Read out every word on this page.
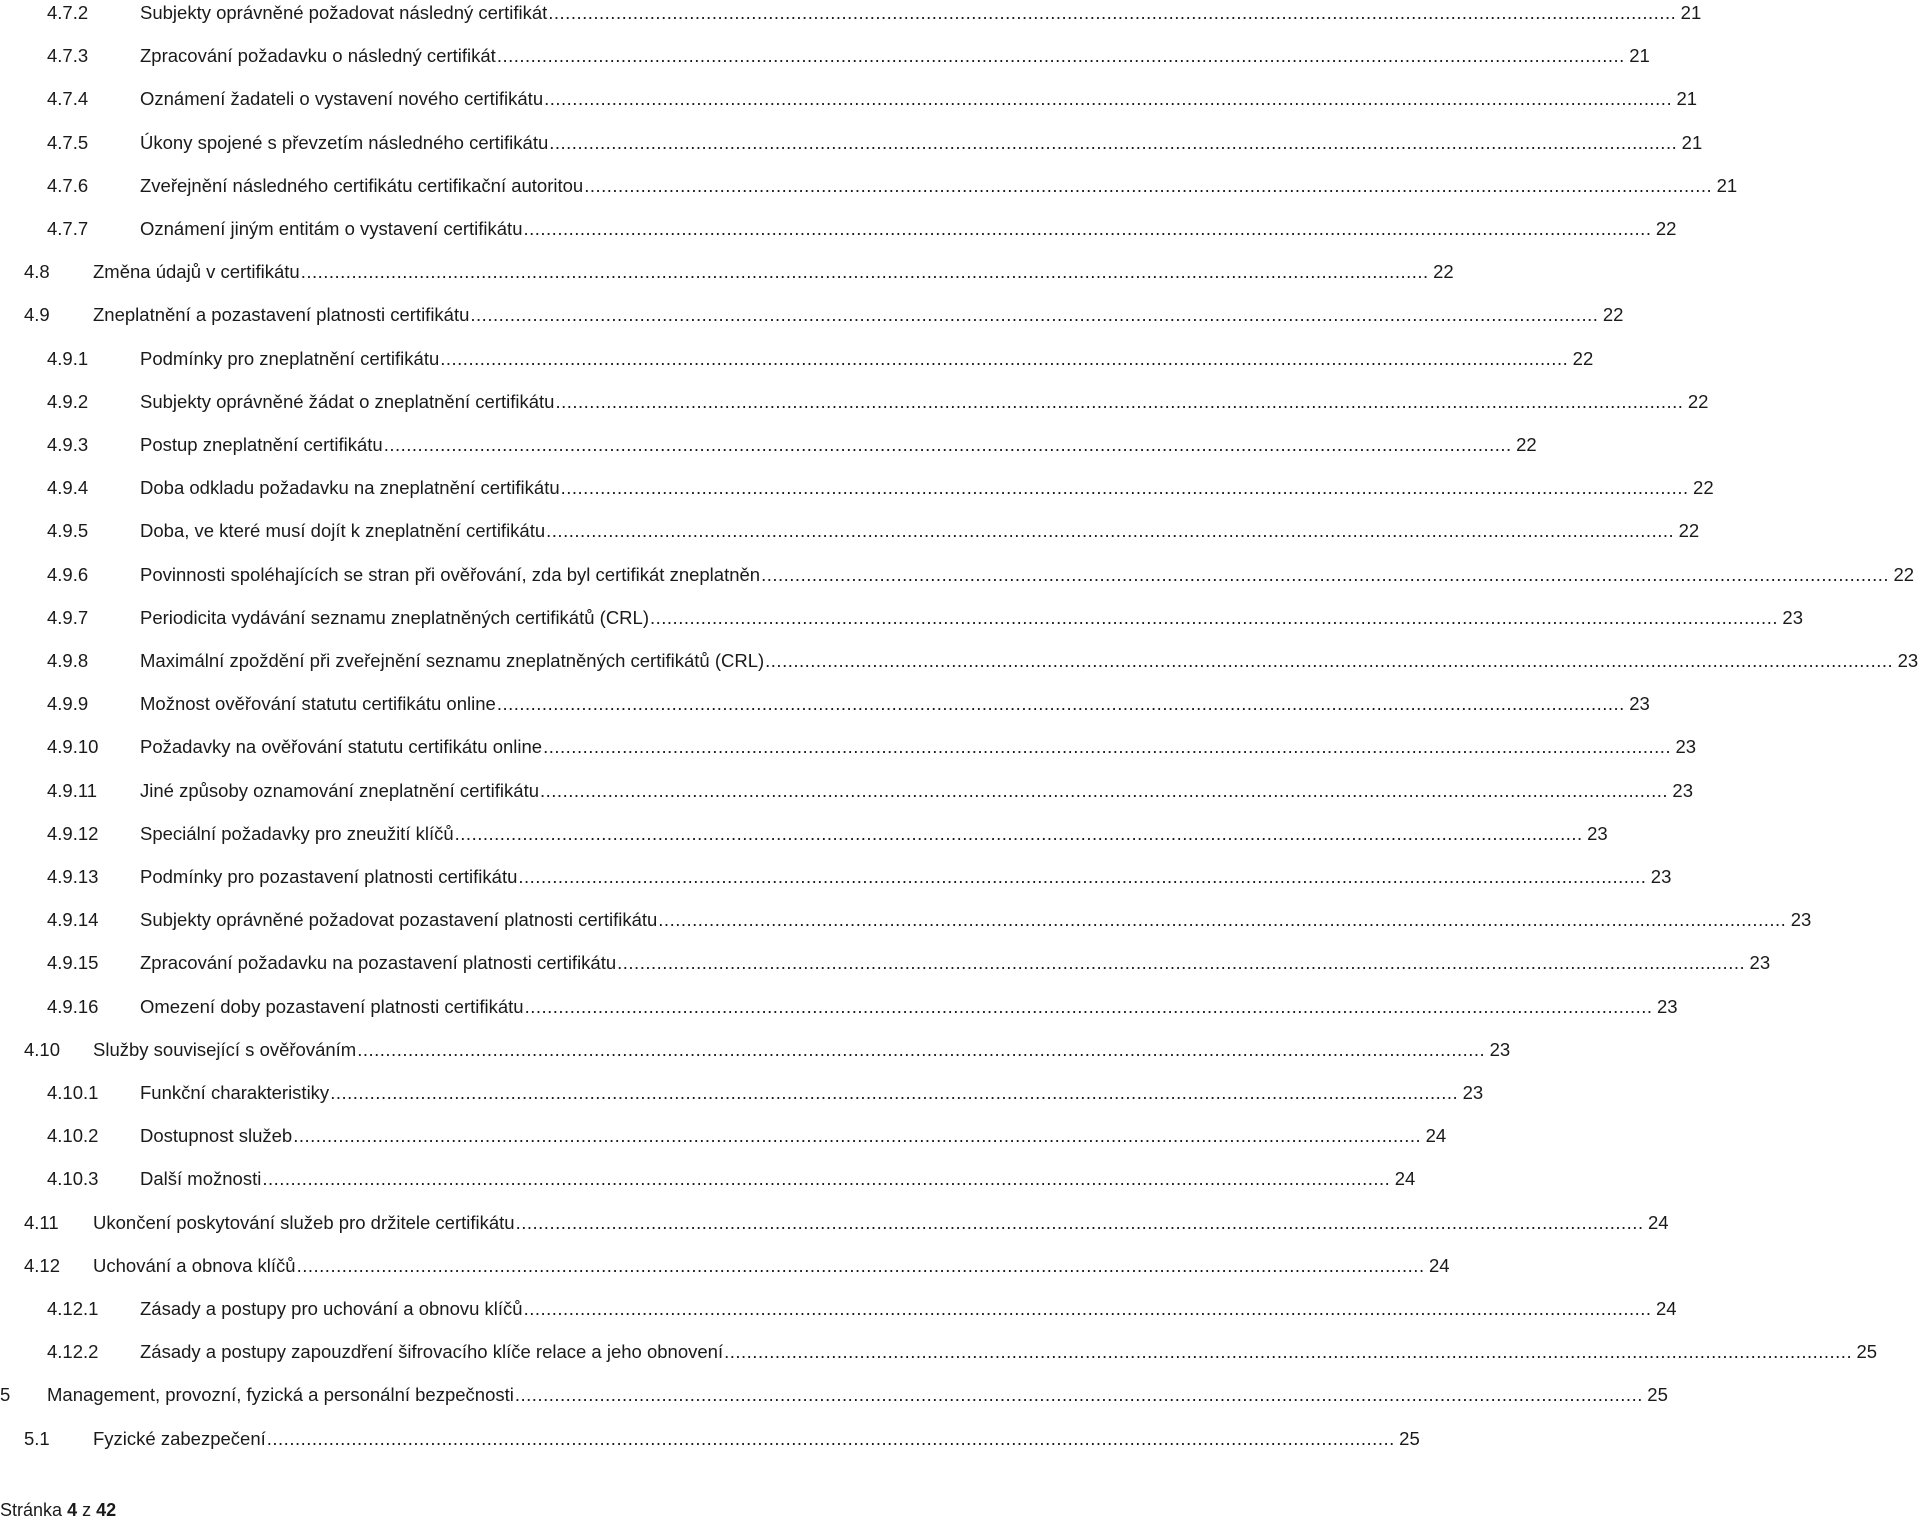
4.7.2	Subjekty oprávněné požadovat následný certifikát ........................................................................................................................................................................................................ 21
4.7.3	Zpracování požadavku o následný certifikát ........................................................................................................................................................................................................ 21
4.7.4	Oznámení žadateli o vystavení nového certifikátu ........................................................................................................................................................................................................ 21
4.7.5	Úkony spojené s převzetím následného certifikátu ........................................................................................................................................................................................................ 21
4.7.6	Zveřejnění následného certifikátu certifikační autoritou ........................................................................................................................................................................................................ 21
4.7.7	Oznámení jiným entitám o vystavení certifikátu ........................................................................................................................................................................................................ 22
4.8 Změna údajů v certifikátu ........................................................................................................................................................................................................ 22
4.9 Zneplatnění a pozastavení platnosti certifikátu ........................................................................................................................................................................................................ 22
4.9.1	Podmínky pro zneplatnění certifikátu ........................................................................................................................................................................................................ 22
4.9.2	Subjekty oprávněné žádat o zneplatnění certifikátu ........................................................................................................................................................................................................ 22
4.9.3	Postup zneplatnění certifikátu ........................................................................................................................................................................................................ 22
4.9.4	Doba odkladu požadavku na zneplatnění certifikátu ........................................................................................................................................................................................................ 22
4.9.5	Doba, ve které musí dojít k zneplatnění certifikátu ........................................................................................................................................................................................................ 22
4.9.6	Povinnosti spoléhajících se stran při ověřování, zda byl certifikát zneplatněn ........................................................................................................................................................................................................ 22
4.9.7	Periodicita vydávání seznamu zneplatněných certifikátů (CRL) ........................................................................................................................................................................................................ 23
4.9.8	Maximální zpoždění při zveřejnění seznamu zneplatněných certifikátů (CRL) ........................................................................................................................................................................................................ 23
4.9.9	Možnost ověřování statutu certifikátu online ........................................................................................................................................................................................................ 23
4.9.10 Požadavky na ověřování statutu certifikátu online ........................................................................................................................................................................................................ 23
4.9.11 Jiné způsoby oznamování zneplatnění certifikátu ........................................................................................................................................................................................................ 23
4.9.12 Speciální požadavky pro zneužití klíčů ........................................................................................................................................................................................................ 23
4.9.13 Podmínky pro pozastavení platnosti certifikátu ........................................................................................................................................................................................................ 23
4.9.14 Subjekty oprávněné požadovat pozastavení platnosti certifikátu ........................................................................................................................................................................................................ 23
4.9.15 Zpracování požadavku na pozastavení platnosti certifikátu ........................................................................................................................................................................................................ 23
4.9.16 Omezení doby pozastavení platnosti certifikátu ........................................................................................................................................................................................................ 23
4.10 Služby související s ověřováním ........................................................................................................................................................................................................ 23
4.10.1 Funkční charakteristiky ........................................................................................................................................................................................................ 23
4.10.2 Dostupnost služeb ........................................................................................................................................................................................................ 24
4.10.3 Další možnosti ........................................................................................................................................................................................................ 24
4.11 Ukončení poskytování služeb pro držitele certifikátu ........................................................................................................................................................................................................ 24
4.12 Uchování a obnova klíčů ........................................................................................................................................................................................................ 24
4.12.1 Zásady a postupy pro uchování a obnovu klíčů ........................................................................................................................................................................................................ 24
4.12.2 Zásady a postupy zapouzdření šifrovacího klíče relace a jeho obnovení ........................................................................................................................................................................................................ 25
5 Management, provozní, fyzická a personální bezpečnosti ........................................................................................................................................................................................................ 25
5.1 Fyzické zabezpečení ........................................................................................................................................................................................................ 25
Stránka 4 z 42
